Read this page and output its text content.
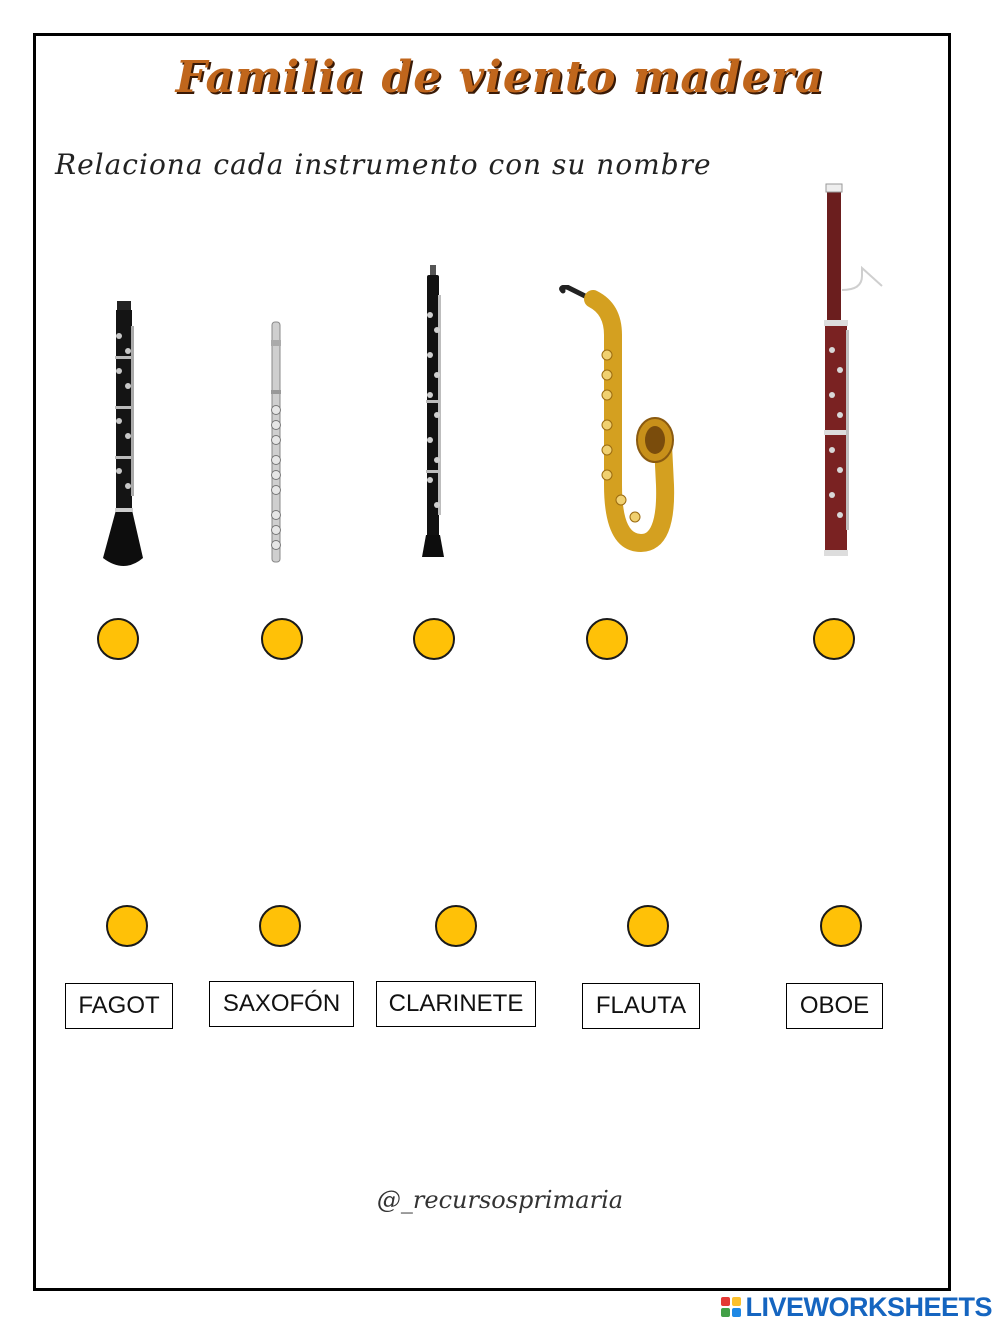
Familia de viento madera
Relaciona cada instrumento con su nombre
FAGOT	SAXOFÓN	CLARINETE	FLAUTA	OBOE
@_recursosprimaria
LIVEWORKSHEETS
